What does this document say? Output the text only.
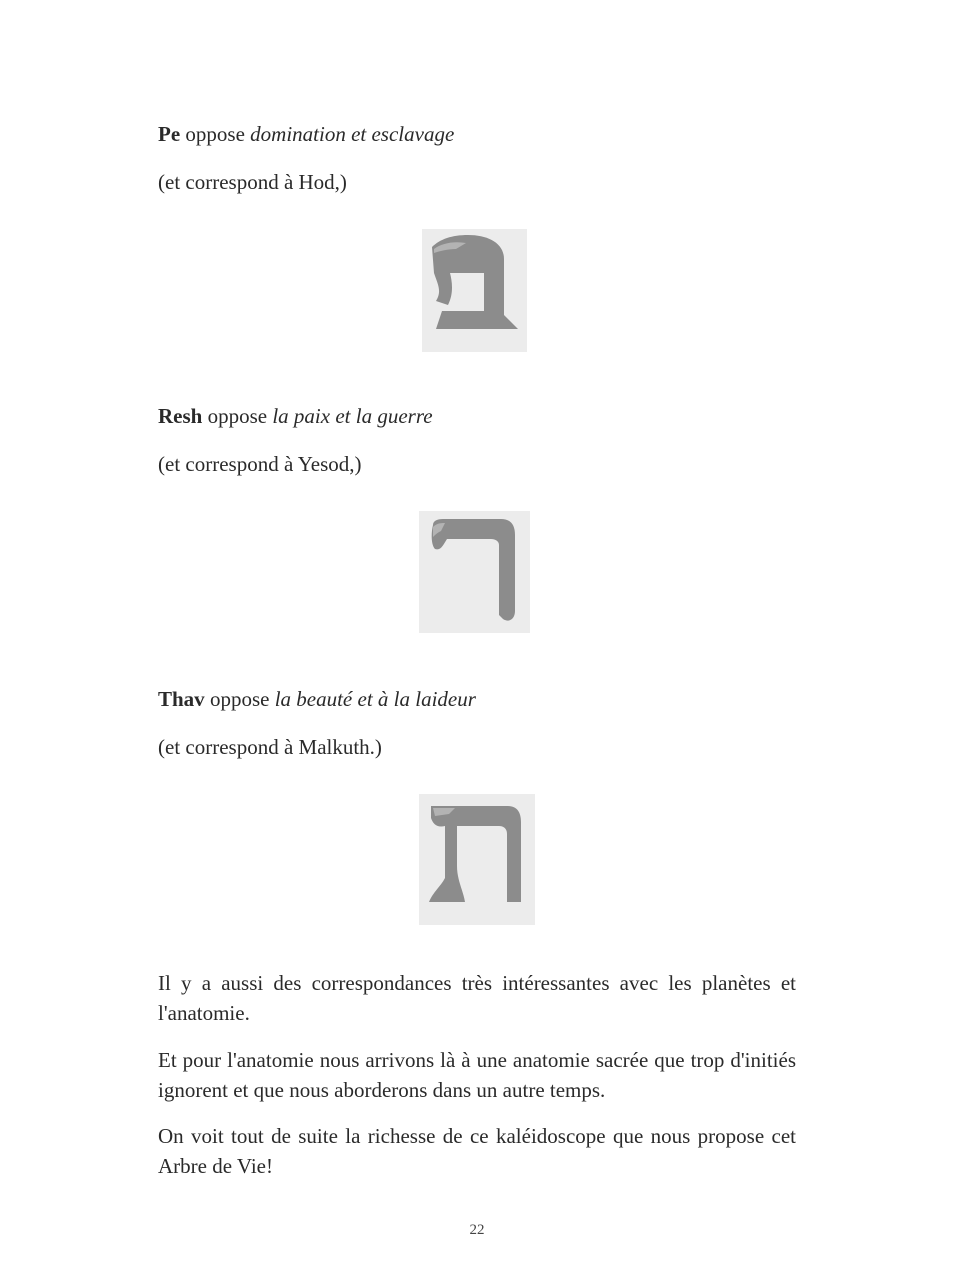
Pe oppose domination et esclavage

(et correspond à Hod,)

Resh oppose la paix et la guerre

(et correspond à Yesod,)

Thav oppose la beauté et à la laideur

(et correspond à Malkuth.)

Il y a aussi des correspondances très intéressantes avec les planètes et l'anatomie.

Et pour l'anatomie nous arrivons là à une anatomie sacrée que trop d'initiés ignorent et que nous aborderons dans un autre temps.

On voit tout de suite la richesse de ce kaléidoscope que nous propose cet Arbre de Vie!

22
